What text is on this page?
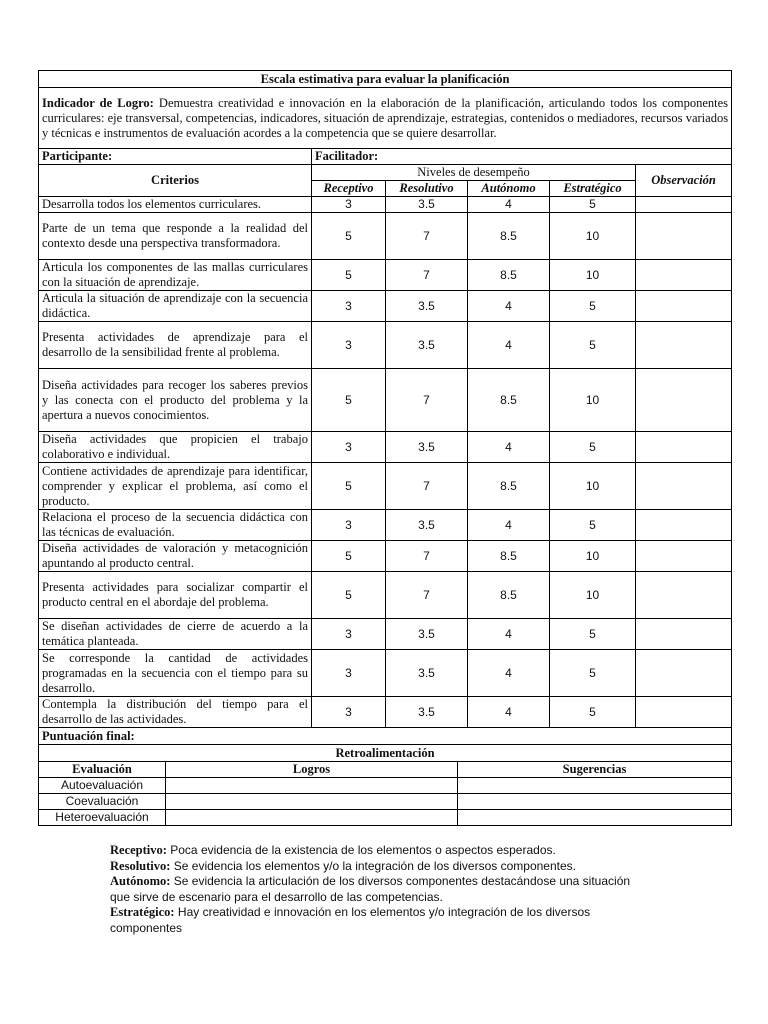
Escala estimativa para evaluar la planificación					
Indicador de Logro: Demuestra creatividad e innovación en la elaboración de la planificación, articulando todos los componentes curriculares: eje transversal, competencias, indicadores, situación de aprendizaje, estrategias, contenidos o mediadores, recursos variados y técnicas e instrumentos de evaluación acordes a la competencia que se quiere desarrollar.					
Participante:	Facilitador:				
Criterios	Niveles de desempeño				Observación
	Receptivo	Resolutivo	Autónomo	Estratégico	
Desarrolla todos los elementos curriculares.	3	3.5	4	5	
Parte de un tema que responde a la realidad del contexto desde una perspectiva transformadora.	5	7	8.5	10	
Articula los componentes de las mallas curriculares con la situación de aprendizaje.	5	7	8.5	10	
Articula la situación de aprendizaje con la secuencia didáctica.	3	3.5	4	5	
Presenta actividades de aprendizaje para el desarrollo de la sensibilidad frente al problema.	3	3.5	4	5	
Diseña actividades para recoger los saberes previos y las conecta con el producto del problema y la apertura a nuevos conocimientos.	5	7	8.5	10	
Diseña actividades que propicien el trabajo colaborativo e individual.	3	3.5	4	5	
Contiene actividades de aprendizaje para identificar, comprender y explicar el problema, así como el producto.	5	7	8.5	10	
Relaciona el proceso de la secuencia didáctica con las técnicas de evaluación.	3	3.5	4	5	
Diseña actividades de valoración y metacognición apuntando al producto central.	5	7	8.5	10	
Presenta actividades para socializar compartir el producto central en el abordaje del problema.	5	7	8.5	10	
Se diseñan actividades de cierre de acuerdo a la temática planteada.	3	3.5	4	5	
Se corresponde la cantidad de actividades programadas en la secuencia con el tiempo para su desarrollo.	3	3.5	4	5	
Contempla la distribución del tiempo para el desarrollo de las actividades.	3	3.5	4	5	
Puntuación final:					
Retroalimentación		
Evaluación	Logros	Sugerencias
Autoevaluación		
Coevaluación		
Heteroevaluación		

Receptivo: Poca evidencia de la existencia de los elementos o aspectos esperados.

Resolutivo: Se evidencia los elementos y/o la integración de los diversos componentes.

Autónomo: Se evidencia la articulación de los diversos componentes destacándose una situación que sirve de escenario para el desarrollo de las competencias.

Estratégico: Hay creatividad e innovación en los elementos y/o integración de los diversos componentes
